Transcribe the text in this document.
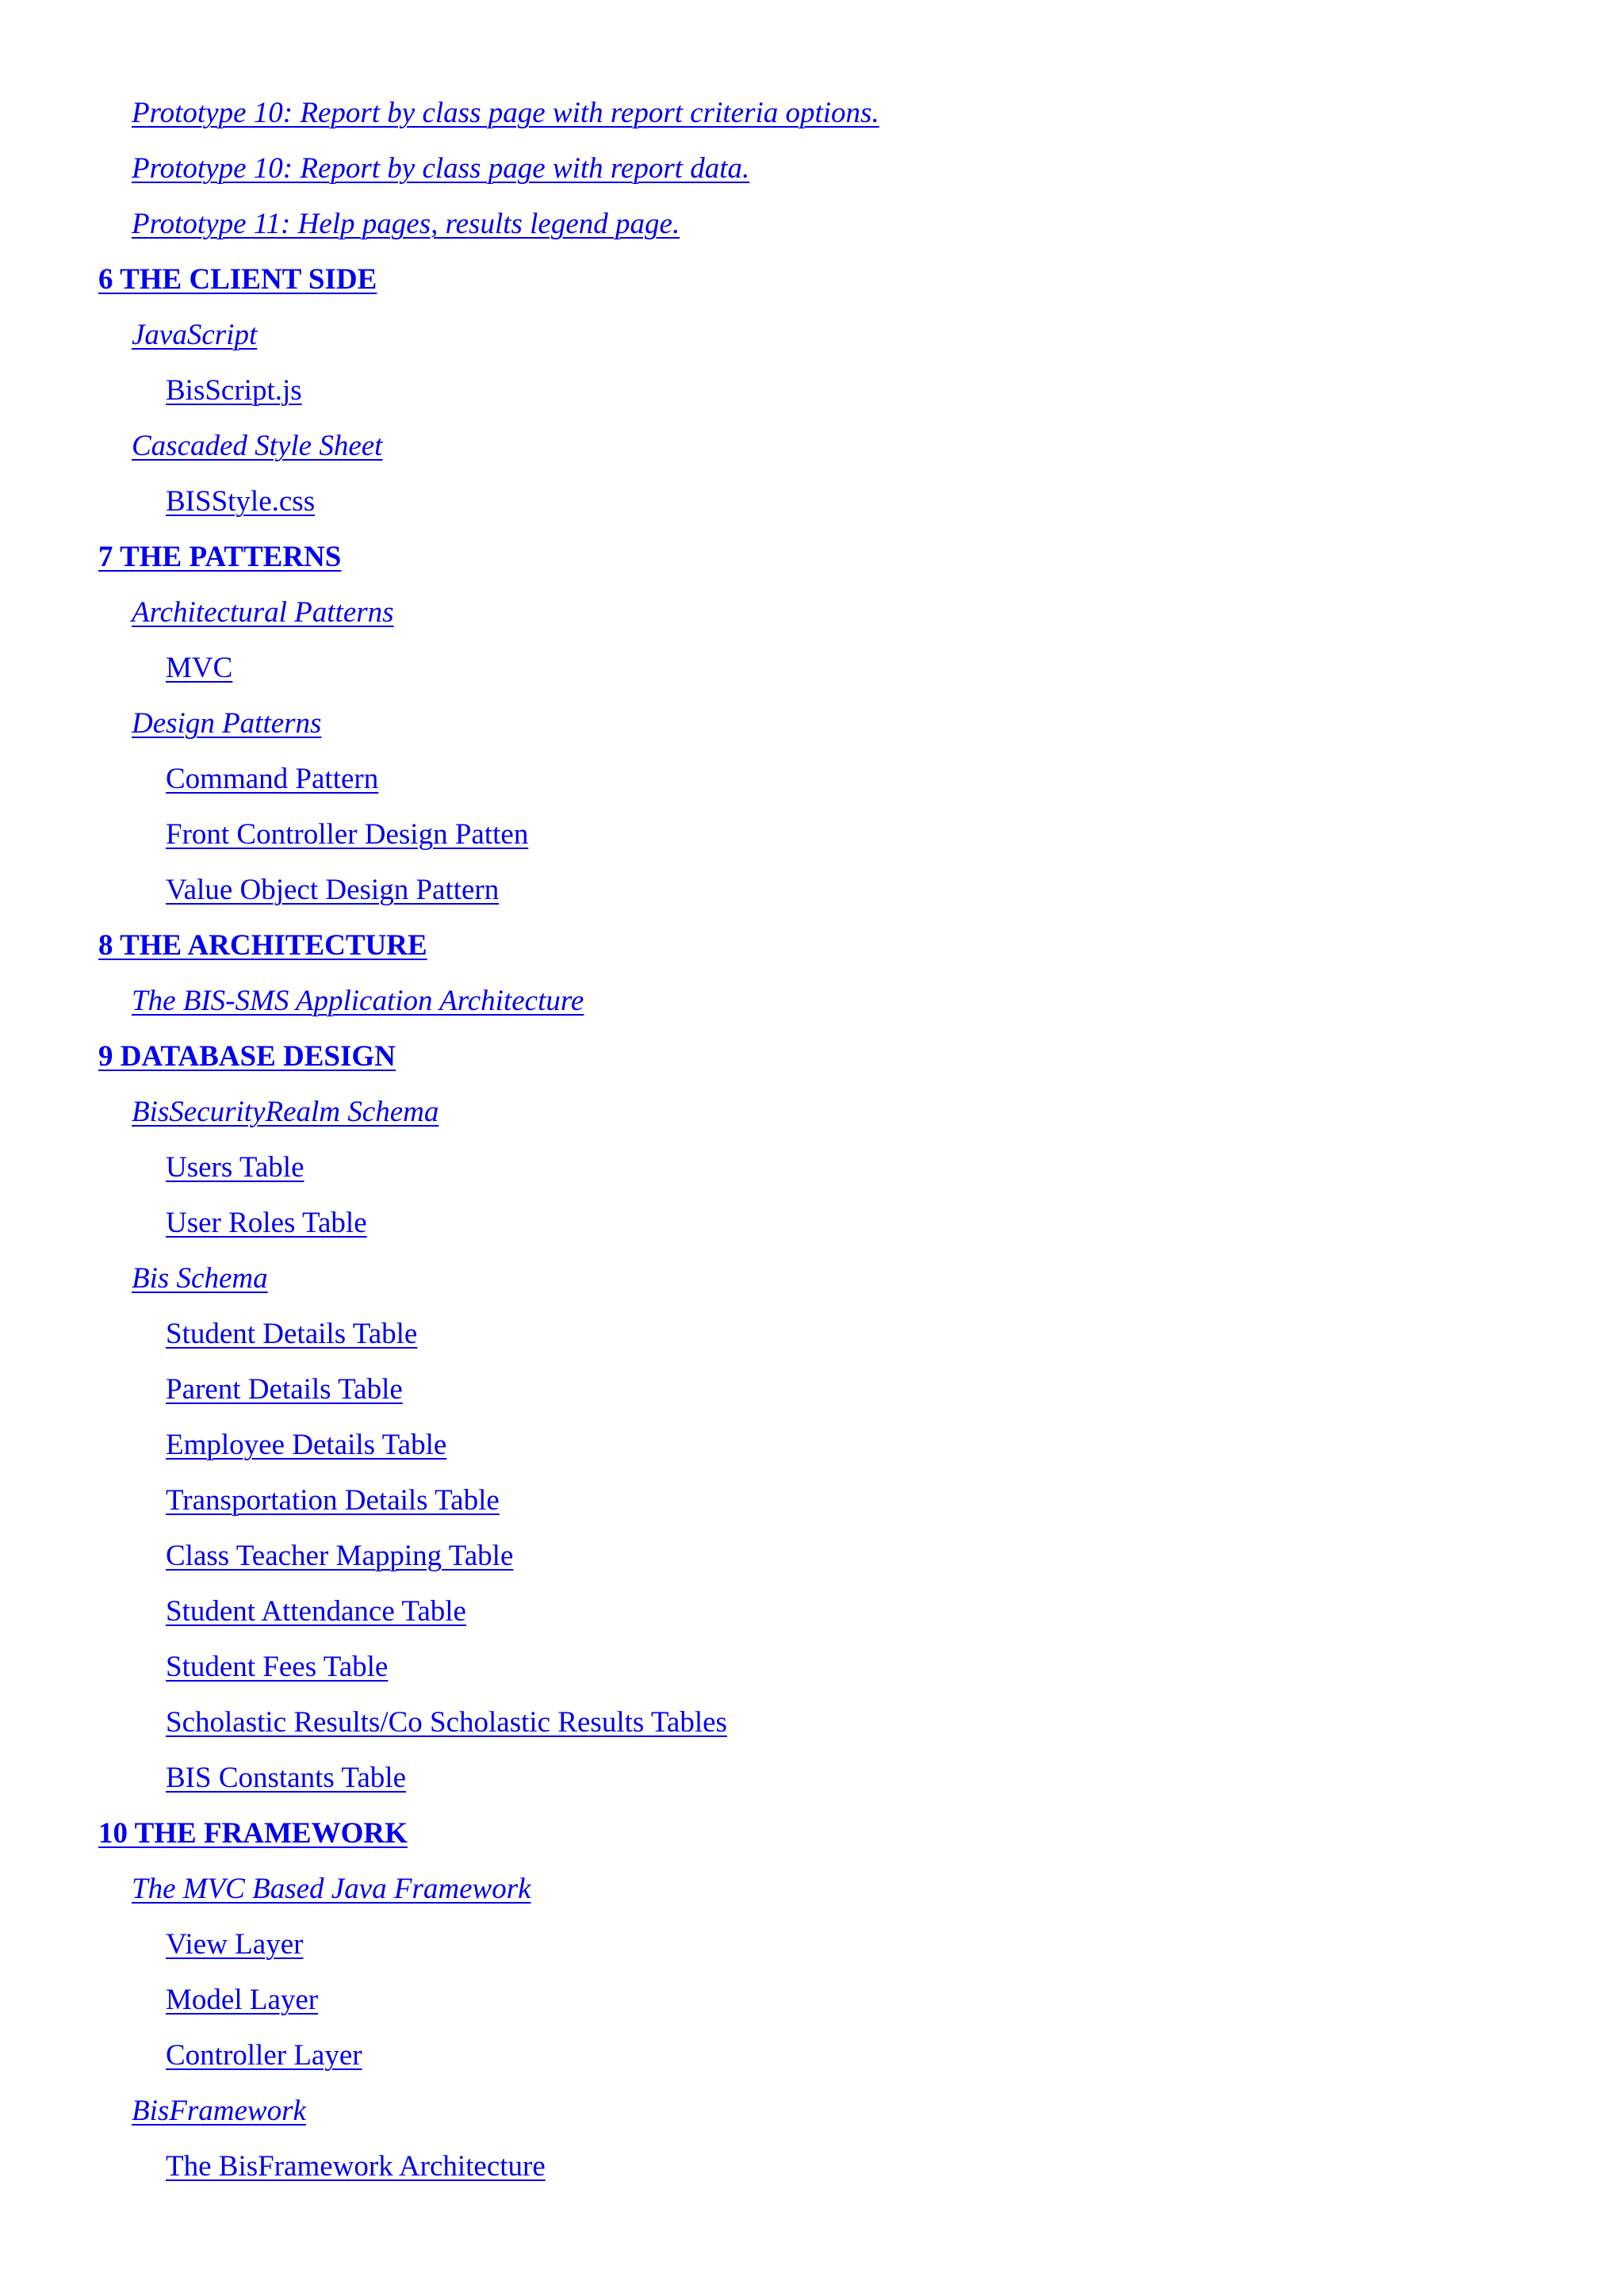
Prototype 10: Report by class page with report criteria options.
Prototype 10: Report by class page with report data.
Prototype 11: Help pages, results legend page.
6 THE CLIENT SIDE
JavaScript
BisScript.js
Cascaded Style Sheet
BISStyle.css
7 THE PATTERNS
Architectural Patterns
MVC
Design Patterns
Command Pattern
Front Controller Design Patten
Value Object Design Pattern
8 THE ARCHITECTURE
The BIS-SMS Application Architecture
9 DATABASE DESIGN
BisSecurityRealm Schema
Users Table
User Roles Table
Bis Schema
Student Details Table
Parent Details Table
Employee Details Table
Transportation Details Table
Class Teacher Mapping Table
Student Attendance Table
Student Fees Table
Scholastic Results/Co Scholastic Results Tables
BIS Constants Table
10 THE FRAMEWORK
The MVC Based Java Framework
View Layer
Model Layer
Controller Layer
BisFramework
The BisFramework Architecture
